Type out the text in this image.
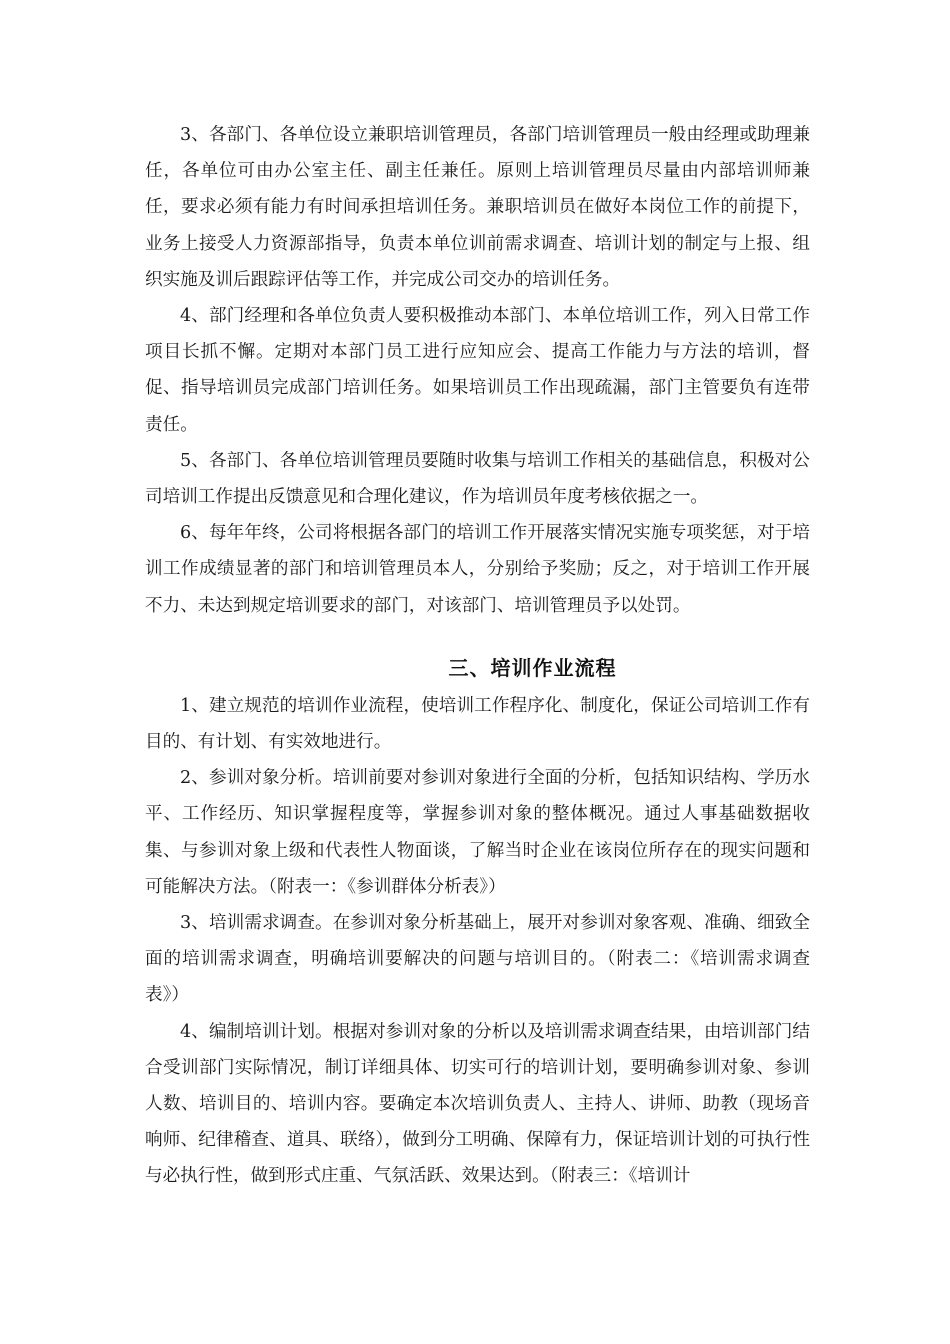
3、各部门、各单位设立兼职培训管理员，各部门培训管理员一般由经理或助理兼任，各单位可由办公室主任、副主任兼任。原则上培训管理员尽量由内部培训师兼任，要求必须有能力有时间承担培训任务。兼职培训员在做好本岗位工作的前提下，业务上接受人力资源部指导，负责本单位训前需求调查、培训计划的制定与上报、组织实施及训后跟踪评估等工作，并完成公司交办的培训任务。

4、部门经理和各单位负责人要积极推动本部门、本单位培训工作，列入日常工作项目长抓不懈。定期对本部门员工进行应知应会、提高工作能力与方法的培训，督促、指导培训员完成部门培训任务。如果培训员工作出现疏漏，部门主管要负有连带责任。

5、各部门、各单位培训管理员要随时收集与培训工作相关的基础信息，积极对公司培训工作提出反馈意见和合理化建议，作为培训员年度考核依据之一。

6、每年年终，公司将根据各部门的培训工作开展落实情况实施专项奖惩，对于培训工作成绩显著的部门和培训管理员本人，分别给予奖励；反之，对于培训工作开展不力、未达到规定培训要求的部门，对该部门、培训管理员予以处罚。

三、培训作业流程

1、建立规范的培训作业流程，使培训工作程序化、制度化，保证公司培训工作有目的、有计划、有实效地进行。

2、参训对象分析。培训前要对参训对象进行全面的分析，包括知识结构、学历水平、工作经历、知识掌握程度等，掌握参训对象的整体概况。通过人事基础数据收集、与参训对象上级和代表性人物面谈，了解当时企业在该岗位所存在的现实问题和可能解决方法。（附表一：《参训群体分析表》）

3、培训需求调查。在参训对象分析基础上，展开对参训对象客观、准确、细致全面的培训需求调查，明确培训要解决的问题与培训目的。（附表二：《培训需求调查表》）

4、编制培训计划。根据对参训对象的分析以及培训需求调查结果，由培训部门结合受训部门实际情况，制订详细具体、切实可行的培训计划，要明确参训对象、参训人数、培训目的、培训内容。要确定本次培训负责人、主持人、讲师、助教（现场音响师、纪律稽查、道具、联络），做到分工明确、保障有力，保证培训计划的可执行性与必执行性，做到形式庄重、气氛活跃、效果达到。（附表三：《培训计
